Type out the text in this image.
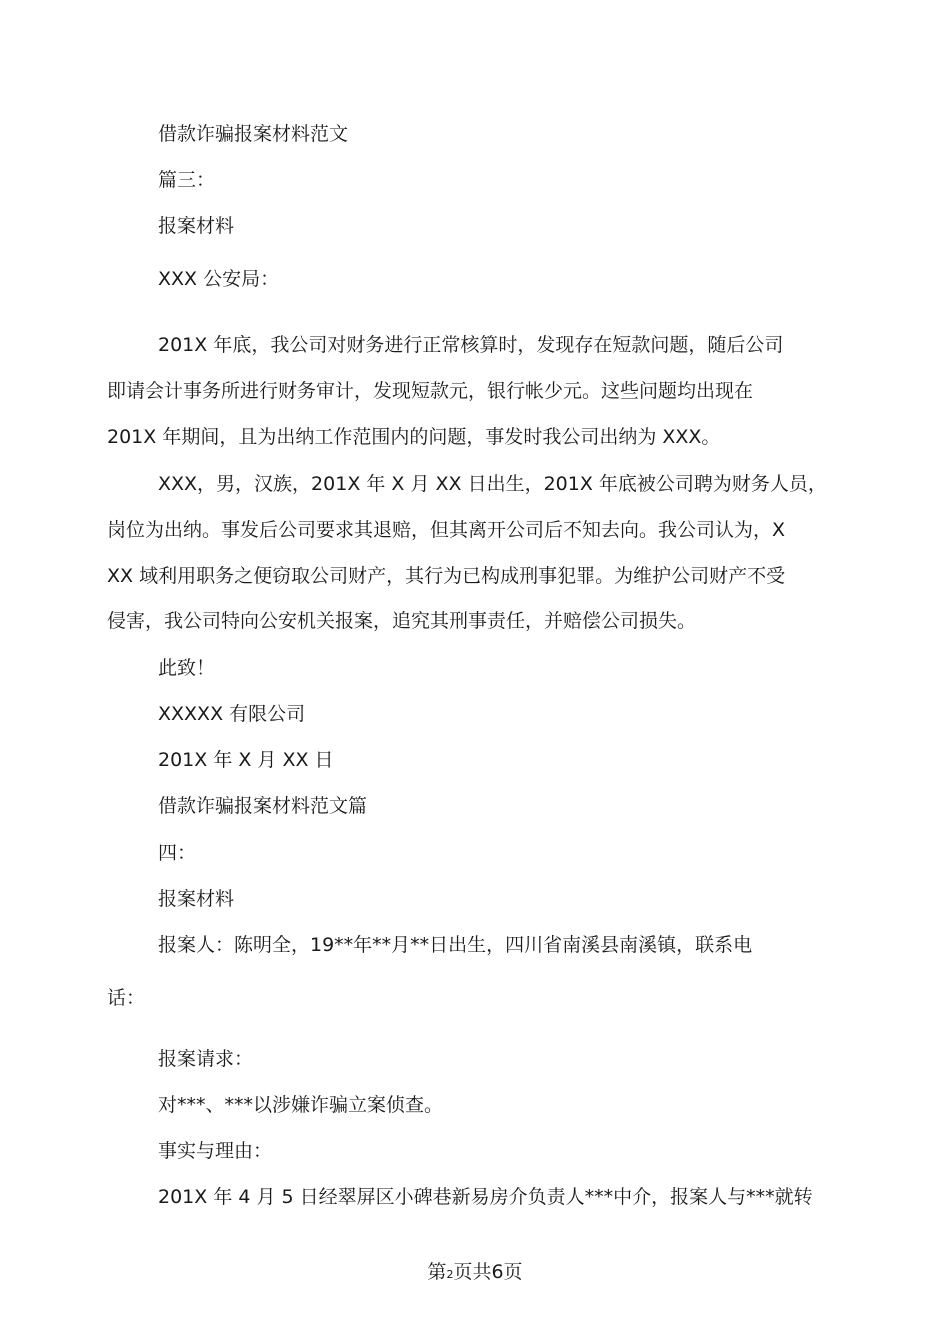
借款诈骗报案材料范文
篇三：
报案材料
XXX 公安局：
201X 年底，我公司对财务进行正常核算时，发现存在短款问题，随后公司
即请会计事务所进行财务审计，发现短款元，银行帐少元。这些问题均出现在
201X 年期间，且为出纳工作范围内的问题，事发时我公司出纳为 XXX。
XXX，男，汉族，201X 年 X 月 XX 日出生，201X 年底被公司聘为财务人员，
岗位为出纳。事发后公司要求其退赔，但其离开公司后不知去向。我公司认为，X
XX 域利用职务之便窃取公司财产，其行为已构成刑事犯罪。为维护公司财产不受
侵害，我公司特向公安机关报案，追究其刑事责任，并赔偿公司损失。
此致！
XXXXX 有限公司
201X 年 X 月 XX 日
借款诈骗报案材料范文篇
四：
报案材料
报案人：陈明全，19**年**月**日出生，四川省南溪县南溪镇，联系电
话：
报案请求：
对***、***以涉嫌诈骗立案侦查。
事实与理由：
201X 年 4 月 5 日经翠屏区小碑巷新易房介负责人***中介，报案人与***就转
第2页共6页
